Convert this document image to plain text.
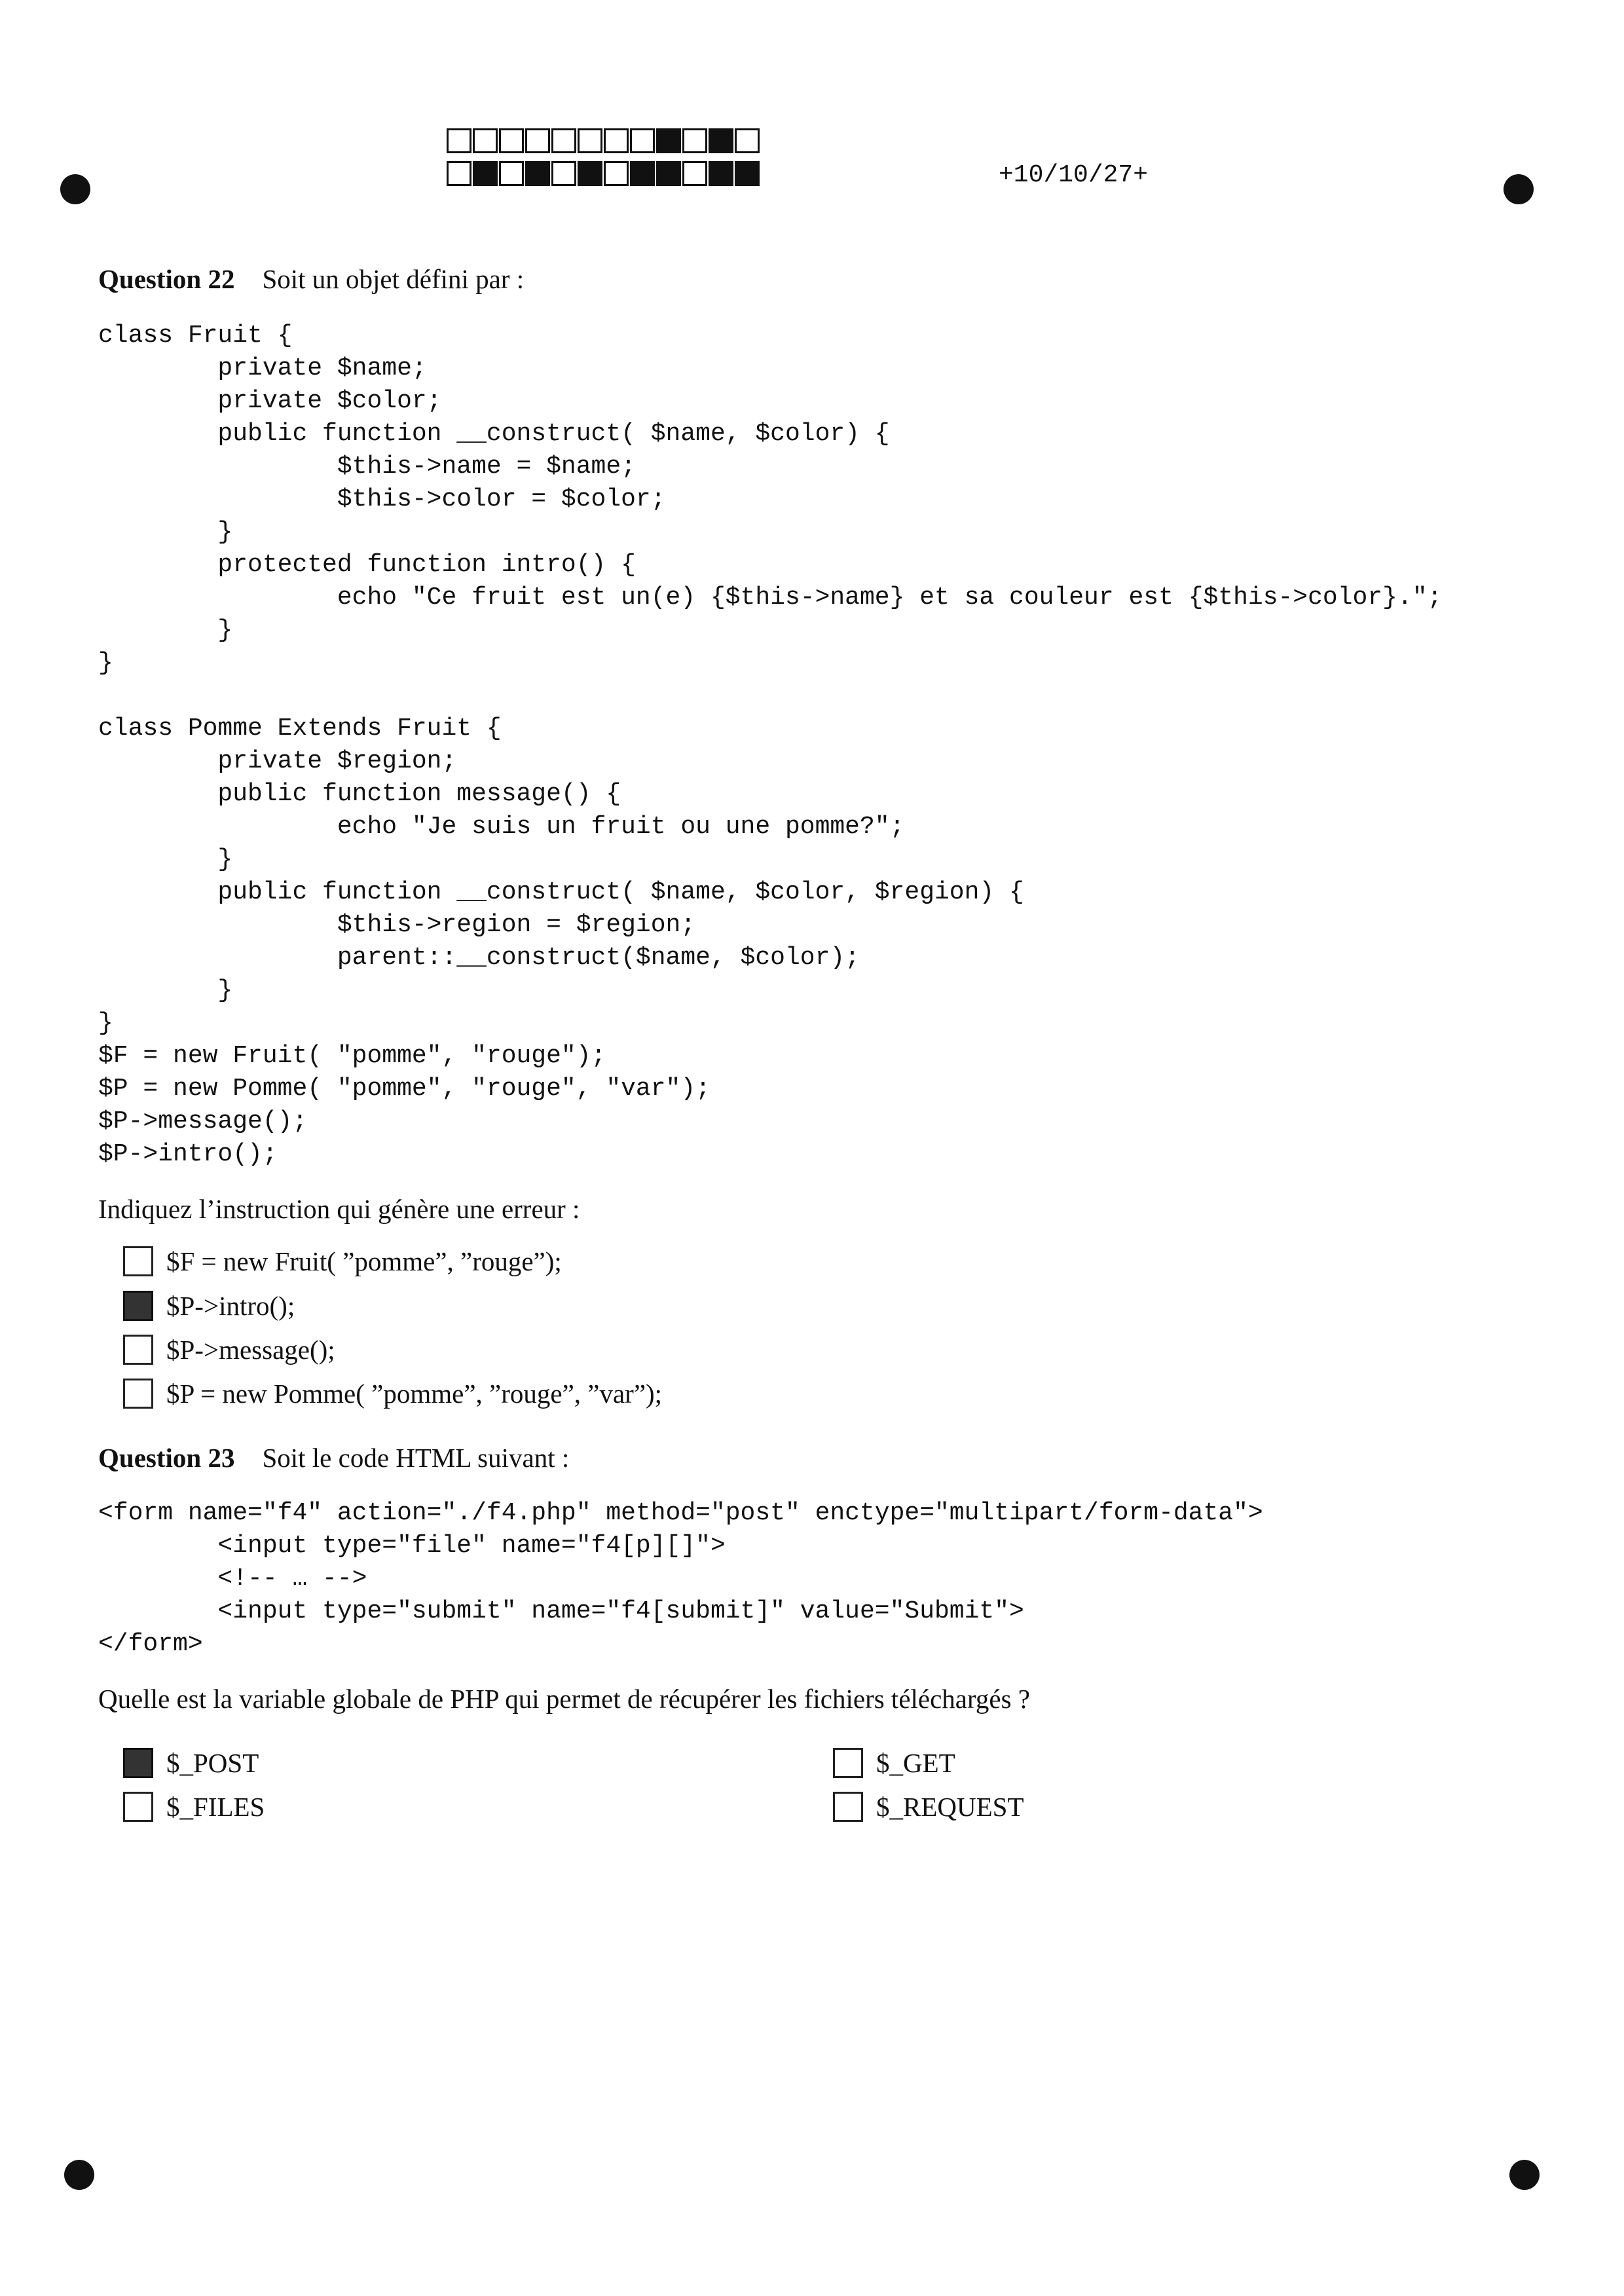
+10/10/27+
Question 22 Soit un objet défini par :
class Fruit {
private $name;
private $color;
public function __construct( $name, $color) {
$this->name = $name;
$this->color = $color;
}
protected function intro() {
echo "Ce fruit est un(e) {$this->name} et sa couleur est {$this->color}.";
}
}

class Pomme Extends Fruit {
private $region;
public function message() {
echo "Je suis un fruit ou une pomme?";
}
public function __construct( $name, $color, $region) {
$this->region = $region;
parent::__construct($name, $color);
}
}
$F = new Fruit( "pomme", "rouge");
$P = new Pomme( "pomme", "rouge", "var");
$P->message();
$P->intro();
Indiquez l’instruction qui génère une erreur :
$F = new Fruit( ”pomme”, ”rouge”);
$P->intro();
$P->message();
$P = new Pomme( ”pomme”, ”rouge”, ”var”);
Question 23 Soit le code HTML suivant :
<form name="f4" action="./f4.php" method="post" enctype="multipart/form-data">
<input type="file" name="f4[p][]">
<!-- … -->
<input type="submit" name="f4[submit]" value="Submit">
</form>
Quelle est la variable globale de PHP qui permet de récupérer les fichiers téléchargés ?
$_POST	$_GET
$_FILES	$_REQUEST
